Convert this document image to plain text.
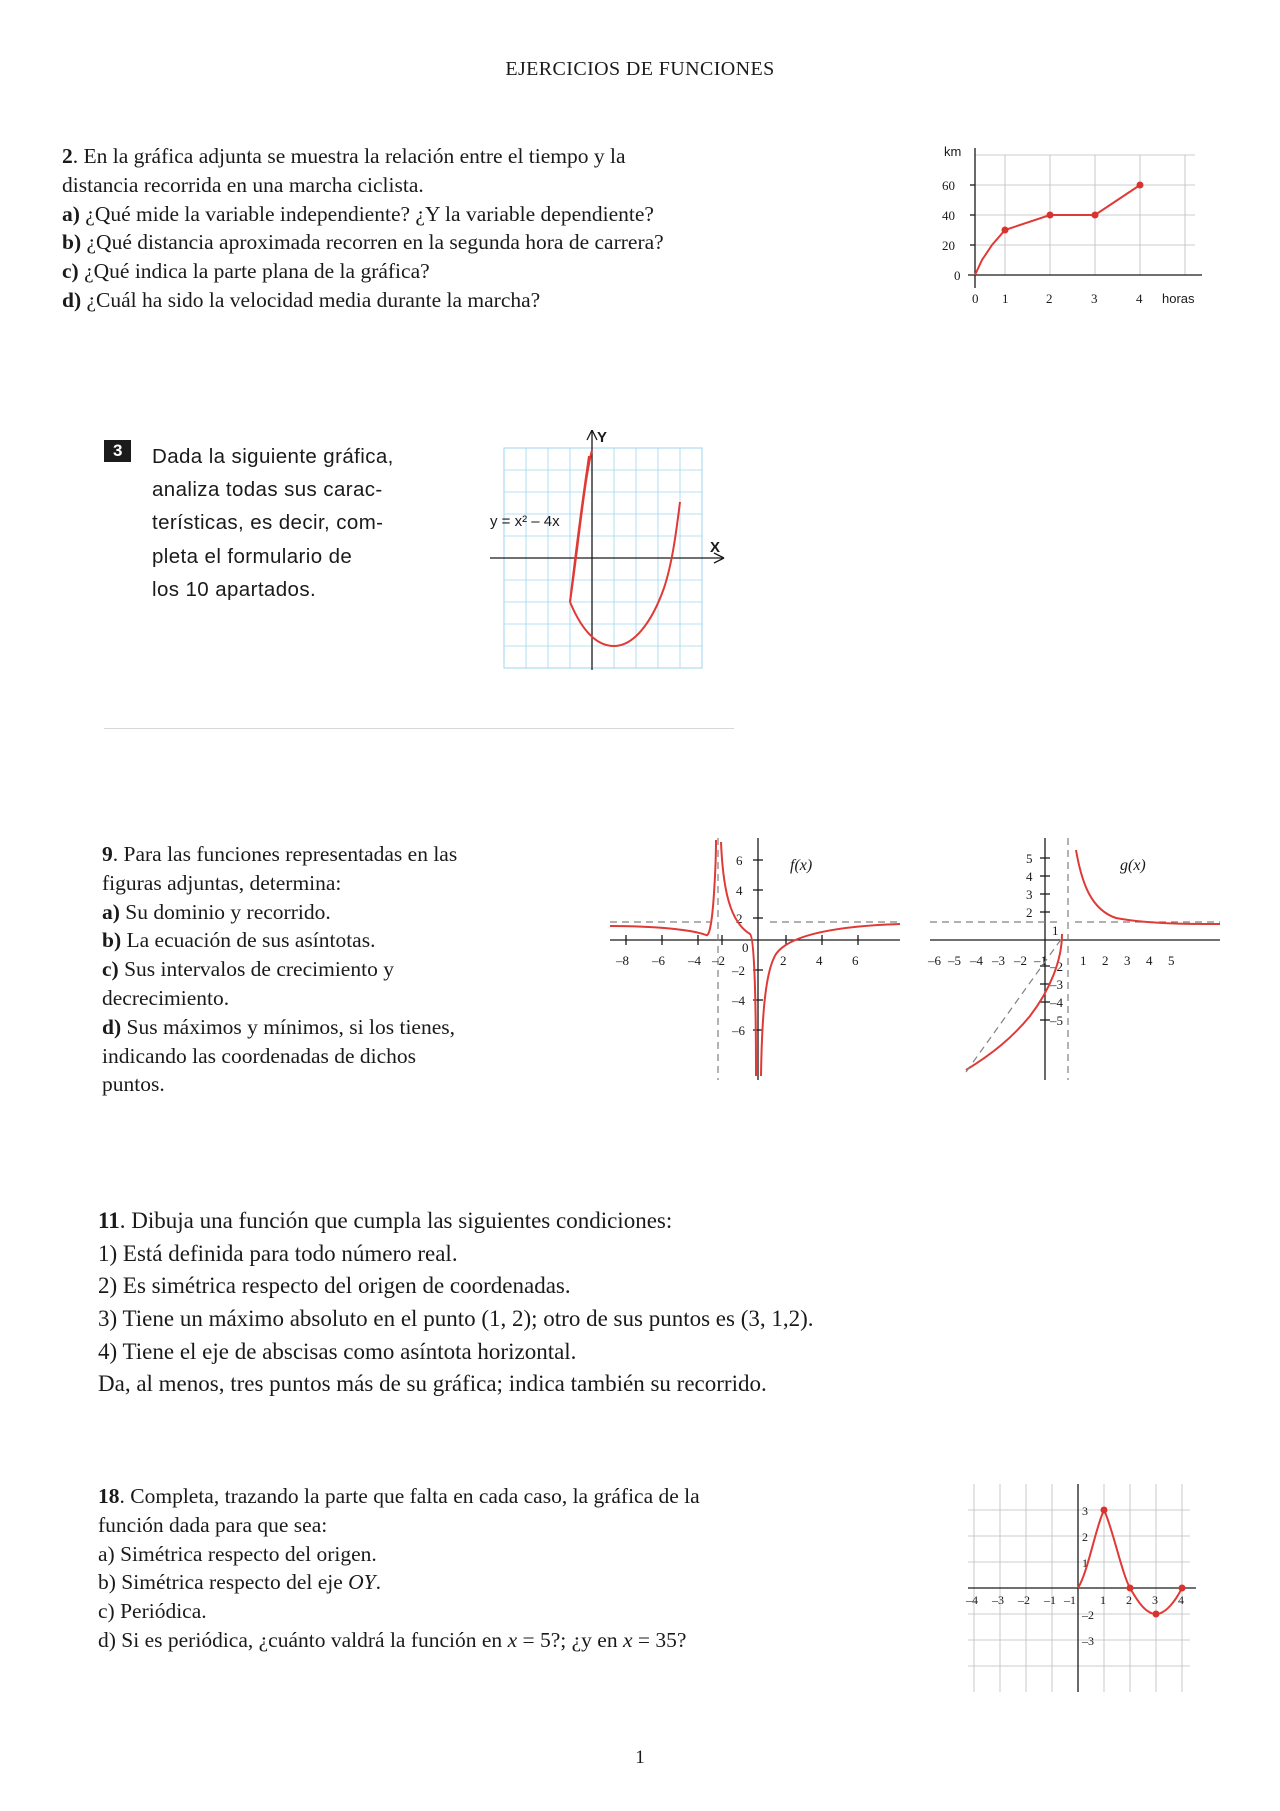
EJERCICIOS DE FUNCIONES
2. En la gráfica adjunta se muestra la relación entre el tiempo y la
distancia recorrida en una marcha ciclista.
a) ¿Qué mide la variable independiente? ¿Y la variable dependiente?
b) ¿Qué distancia aproximada recorren en la segunda hora de carrera?
c) ¿Qué indica la parte plana de la gráfica?
d) ¿Cuál ha sido la velocidad media durante la marcha?
60
40
20
0
km
0 1	2	3	4 horas
3 Dada la siguiente gráfica,
analiza todas sus carac-
terísticas, es decir, com-
pleta el formulario de
los 10 apartados.
Y
X
y = x² – 4x
9. Para las funciones representadas en las
figuras adjuntas, determina:
a) Su dominio y recorrido.
b) La ecuación de sus asíntotas.
c) Sus intervalos de crecimiento y
decrecimiento.
d) Sus máximos y mínimos, si los tienes,
indicando las coordenadas de dichos
puntos.
6
4
2
0
–2
–4
–6
–8 –6 –4 –2	2 4 6
f(x)	5
4
3
2
1
–2
–3
–4
–5
–6 –5 –4 –3 –2 –1	1 2 3 4 5
g(x)
11. Dibuja una función que cumpla las siguientes condiciones:
1) Está definida para todo número real.
2) Es simétrica respecto del origen de coordenadas.
3) Tiene un máximo absoluto en el punto (1, 2); otro de sus puntos es (3, 1,2).
4) Tiene el eje de abscisas como asíntota horizontal.
Da, al menos, tres puntos más de su gráfica; indica también su recorrido.
18. Completa, trazando la parte que falta en cada caso, la gráfica de la
función dada para que sea:
a) Simétrica respecto del origen.
b) Simétrica respecto del eje OY.
c) Periódica.
d) Si es periódica, ¿cuánto valdrá la función en x = 5?; ¿y en x = 35?
–4 –3 –2 –1	1 2 3 4
3
2
1
–1
–2
–3
1
